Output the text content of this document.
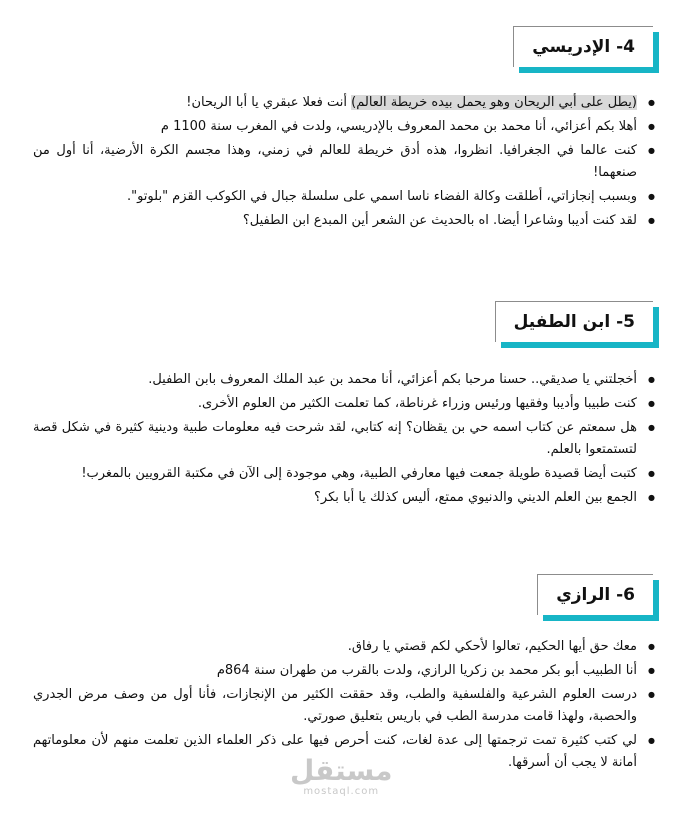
4- الإدريسي
● (يطل على أبي الريحان وهو يحمل بيده خريطة العالم) أنت فعلا عبقري يا أبا الريحان!
● أهلا بكم أعزائي، أنا محمد بن محمد المعروف بالإدريسي، ولدت في المغرب سنة 1100 م
● كنت عالما في الجغرافيا. انظروا، هذه أدق خريطة للعالم في زمني، وهذا مجسم الكرة الأرضية، أنا أول من صنعهما!
● وبسبب إنجازاتي، أطلقت وكالة الفضاء ناسا اسمي على سلسلة جبال في الكوكب القزم "بلوتو".
● لقد كنت أديبا وشاعرا أيضا. اه بالحديث عن الشعر أين المبدع ابن الطفيل؟
5- ابن الطفيل
● أخجلتني يا صديقي.. حسنا مرحبا بكم أعزائي، أنا محمد بن عبد الملك المعروف بابن الطفيل.
● كنت طبيبا وأديبا وفقيها ورئيس وزراء غرناطة، كما تعلمت الكثير من العلوم الأخرى.
● هل سمعتم عن كتاب اسمه حي بن يقظان؟ إنه كتابي، لقد شرحت فيه معلومات طبية ودينية كثيرة في شكل قصة لتستمتعوا بالعلم.
● كتبت أيضا قصيدة طويلة جمعت فيها معارفي الطبية، وهي موجودة إلى الآن في مكتبة القرويين بالمغرب!
● الجمع بين العلم الديني والدنيوي ممتع، أليس كذلك يا أبا بكر؟
6- الرازي
● معك حق أيها الحكيم، تعالوا لأحكي لكم قصتي يا رفاق.
● أنا الطبيب أبو بكر محمد بن زكريا الرازي، ولدت بالقرب من طهران سنة 864م
● درست العلوم الشرعية والفلسفية والطب، وقد حققت الكثير من الإنجازات، فأنا أول من وصف مرض الجدري والحصبة، ولهذا قامت مدرسة الطب في باريس بتعليق صورتي.
● لي كتب كثيرة تمت ترجمتها إلى عدة لغات، كنت أحرص فيها على ذكر العلماء الذين تعلمت منهم لأن معلوماتهم أمانة لا يجب أن أسرقها.
مستقل
mostaql.com
